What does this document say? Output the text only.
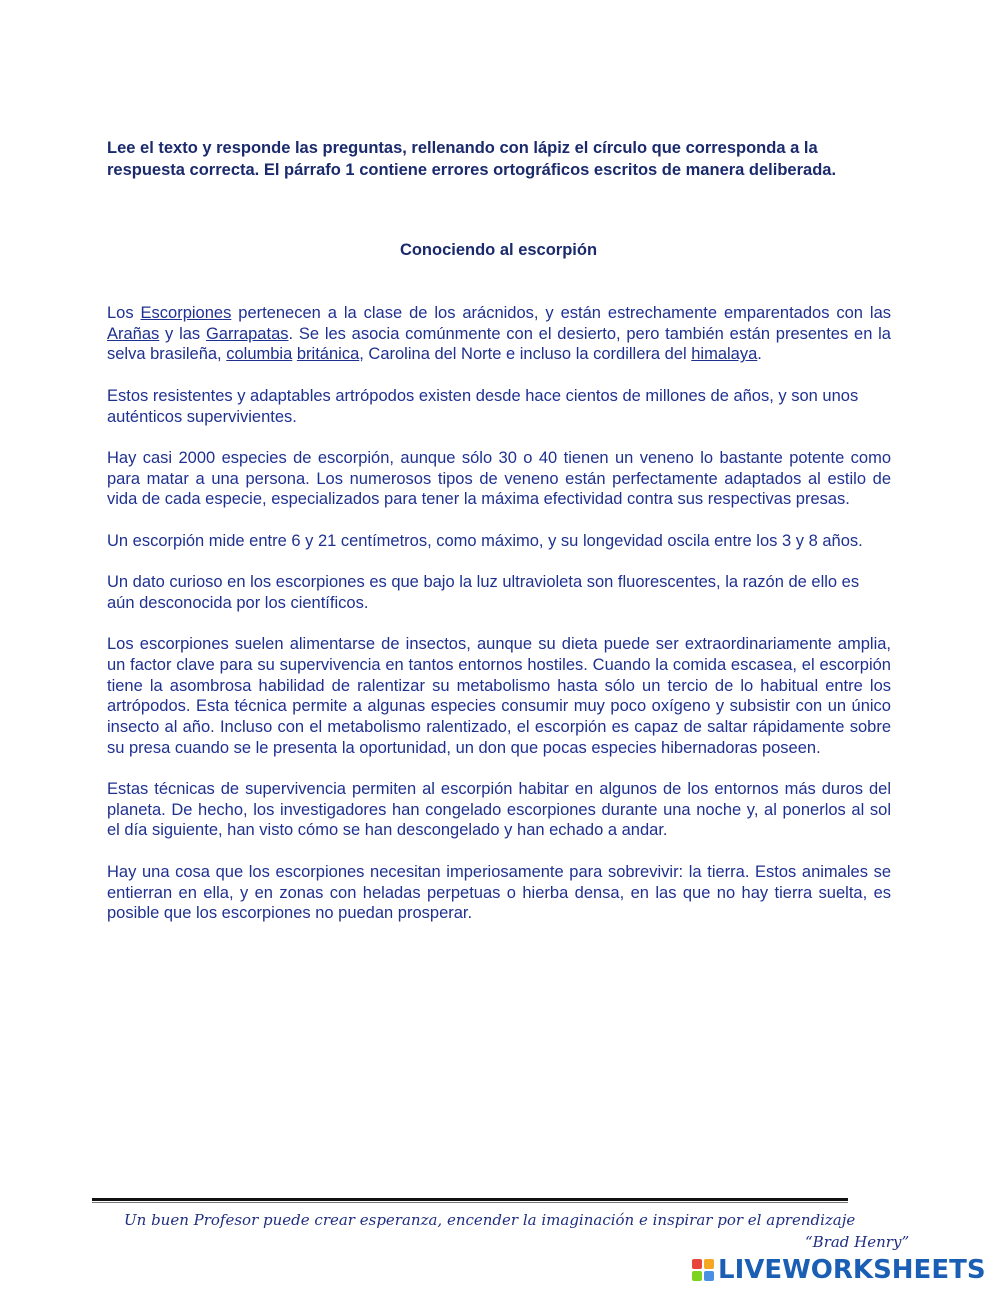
Lee el texto y responde las preguntas, rellenando con lápiz el círculo que corresponda a la respuesta correcta. El párrafo 1 contiene errores ortográficos escritos de manera deliberada.
Conociendo al escorpión

Los Escorpiones pertenecen a la clase de los arácnidos, y están estrechamente emparentados con las Arañas y las Garrapatas. Se les asocia comúnmente con el desierto, pero también están presentes en la selva brasileña, columbia británica, Carolina del Norte e incluso la cordillera del himalaya.

Estos resistentes y adaptables artrópodos existen desde hace cientos de millones de años, y son unos auténticos supervivientes.

Hay casi 2000 especies de escorpión, aunque sólo 30 o 40 tienen un veneno lo bastante potente como para matar a una persona. Los numerosos tipos de veneno están perfectamente adaptados al estilo de vida de cada especie, especializados para tener la máxima efectividad contra sus respectivas presas.

Un escorpión mide entre 6 y 21 centímetros, como máximo, y su longevidad oscila entre los 3 y 8 años.

Un dato curioso en los escorpiones es que bajo la luz ultravioleta son fluorescentes, la razón de ello es aún desconocida por los científicos.

Los escorpiones suelen alimentarse de insectos, aunque su dieta puede ser extraordinariamente amplia, un factor clave para su supervivencia en tantos entornos hostiles. Cuando la comida escasea, el escorpión tiene la asombrosa habilidad de ralentizar su metabolismo hasta sólo un tercio de lo habitual entre los artrópodos. Esta técnica permite a algunas especies consumir muy poco oxígeno y subsistir con un único insecto al año. Incluso con el metabolismo ralentizado, el escorpión es capaz de saltar rápidamente sobre su presa cuando se le presenta la oportunidad, un don que pocas especies hibernadoras poseen.

Estas técnicas de supervivencia permiten al escorpión habitar en algunos de los entornos más duros del planeta. De hecho, los investigadores han congelado escorpiones durante una noche y, al ponerlos al sol el día siguiente, han visto cómo se han descongelado y han echado a andar.

Hay una cosa que los escorpiones necesitan imperiosamente para sobrevivir: la tierra. Estos animales se entierran en ella, y en zonas con heladas perpetuas o hierba densa, en las que no hay tierra suelta, es posible que los escorpiones no puedan prosperar.

Un buen Profesor puede crear esperanza, encender la imaginación e inspirar por el aprendizaje
“Brad Henry”
LIVEWORKSHEETS
